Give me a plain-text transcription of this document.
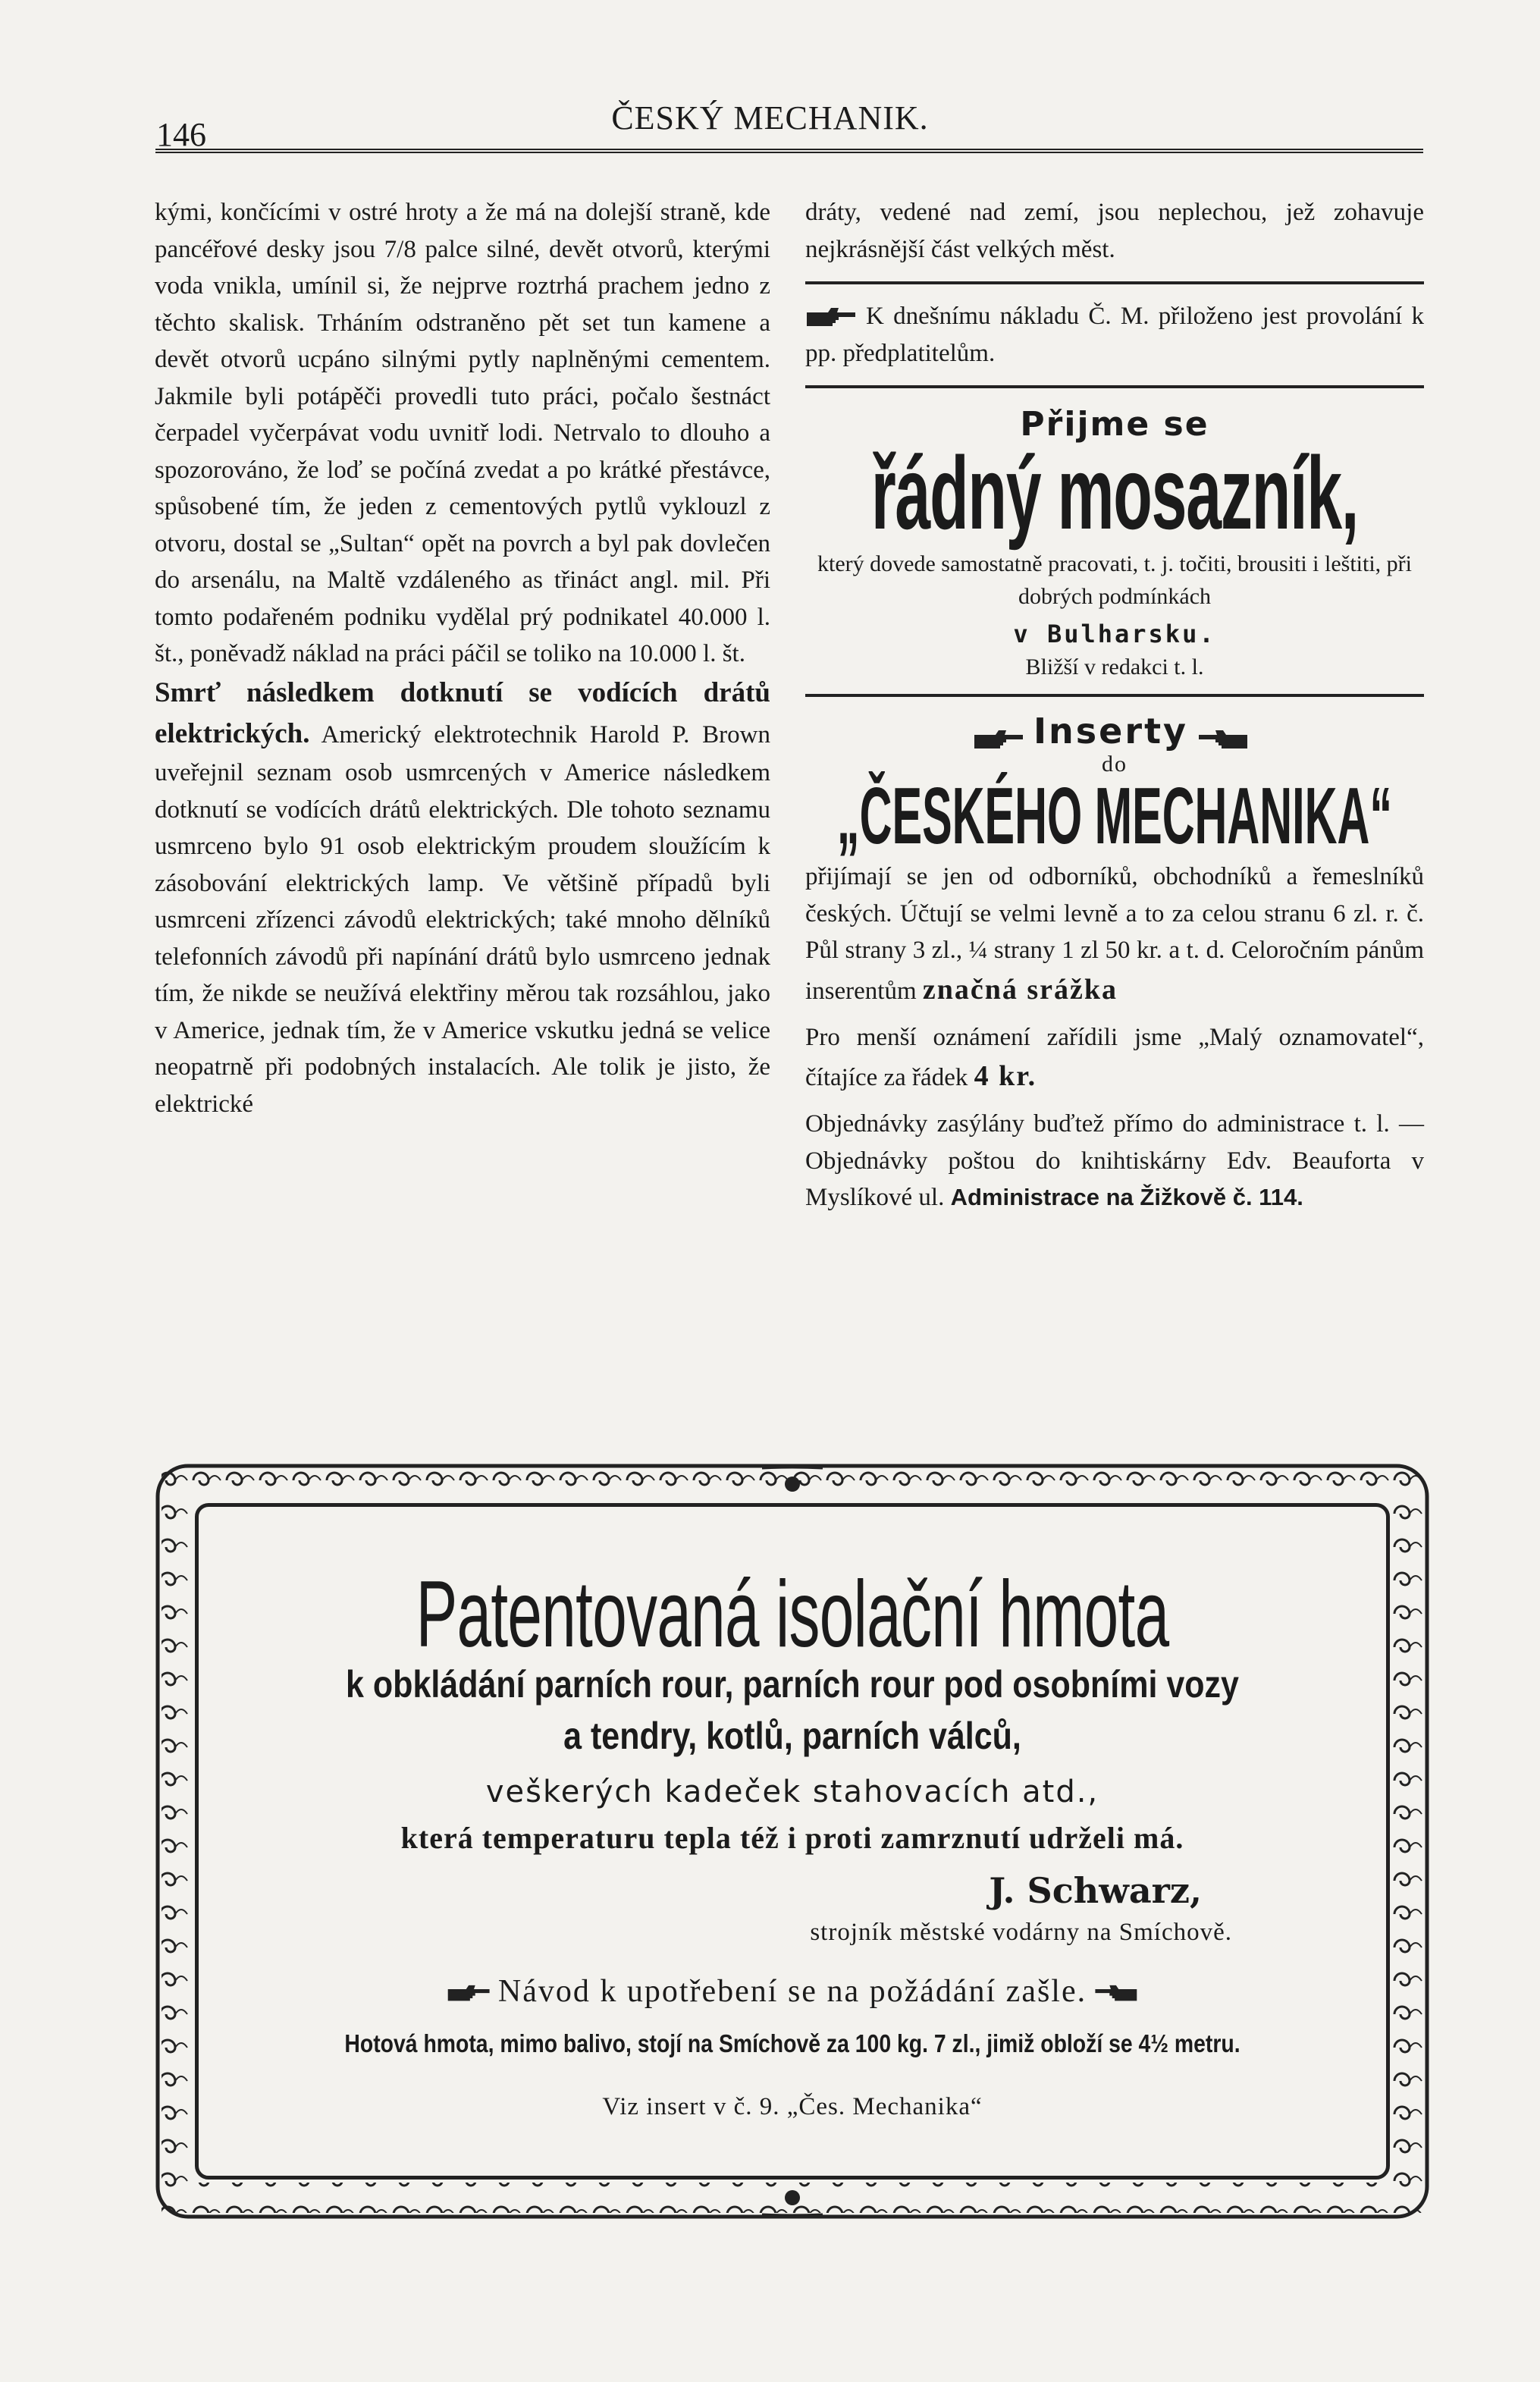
146	ČESKÝ MECHANIK.

kými, končícími v ostré hroty a že má na dolejší straně, kde pancéřové desky jsou 7/8 palce silné, devět otvorů, kterými voda vnikla, umínil si, že nejprve roztrhá prachem jedno z těchto skalisk. Trháním odstraněno pět set tun kamene a devět otvorů ucpáno silnými pytly naplněnými cementem. Jakmile byli potápěči provedli tuto práci, počalo šestnáct čerpadel vyčerpávat vodu uvnitř lodi. Netrvalo to dlouho a spozorováno, že loď se počíná zvedat a po krátké přestávce, spůsobené tím, že jeden z cementových pytlů vyklouzl z otvoru, dostal se „Sultan“ opět na povrch a byl pak dovlečen do arsenálu, na Maltě vzdáleného as třináct angl. mil. Při tomto podařeném podniku vydělal prý podnikatel 40.000 l. št., poněvadž náklad na práci páčil se toliko na 10.000 l. št.

Smrť následkem dotknutí se vodících drátů elektrických. Americký elektrotechnik Harold P. Brown uveřejnil seznam osob usmrcených v Americe následkem dotknutí se vodících drátů elektrických. Dle tohoto seznamu usmrceno bylo 91 osob elektrickým proudem sloužícím k zásobování elektrických lamp. Ve většině případů byli usmrceni zřízenci závodů elektrických; také mnoho dělníků telefonních závodů při napínání drátů bylo usmrceno jednak tím, že nikde se neužívá elektřiny měrou tak rozsáhlou, jako v Americe, jednak tím, že v Americe vskutku jedná se velice neopatrně při podobných instalacích. Ale tolik je jisto, že elektrické

dráty, vedené nad zemí, jsou neplechou, jež zohavuje nejkrásnější část velkých měst.

K dnešnímu nákladu Č. M. přiloženo jest provolání k pp. předplatitelům.

Přijme se
řádný mosazník,
který dovede samostatně pracovati, t. j. točiti, brousiti i leštiti, při dobrých podmínkách
v Bulharsku.
Bližší v redakci t. l.
Inserty
do
„ČESKÉHO MECHANIKA“

přijímají se jen od odborníků, obchodníků a řemeslníků českých. Účtují se velmi levně a to za celou stranu 6 zl. r. č. Půl strany 3 zl., ¼ strany 1 zl 50 kr. a t. d. Celoročním pánům inserentům značná srážka

Pro menší oznámení zařídili jsme „Malý oznamovatel“, čítajíce za řádek 4 kr.

Objednávky zasýlány buďtež přímo do administrace t. l. — Objednávky poštou do knihtiskárny Edv. Beauforta v Myslíkové ul. Administrace na Žižkově č. 114.

Patentovaná isolační hmota
k obkládání parních rour, parních rour pod osobními vozy
a tendry, kotlů, parních válců,
veškerých kadeček stahovacích atd.,
která temperaturu tepla též i proti zamrznutí udrželi má.
J. Schwarz,
strojník městské vodárny na Smíchově.
Návod k upotřebení se na požádání zašle.
Hotová hmota, mimo balivo, stojí na Smíchově za 100 kg. 7 zl., jimiž obloží se 4½ metru.
Viz insert v č. 9. „Čes. Mechanika“
